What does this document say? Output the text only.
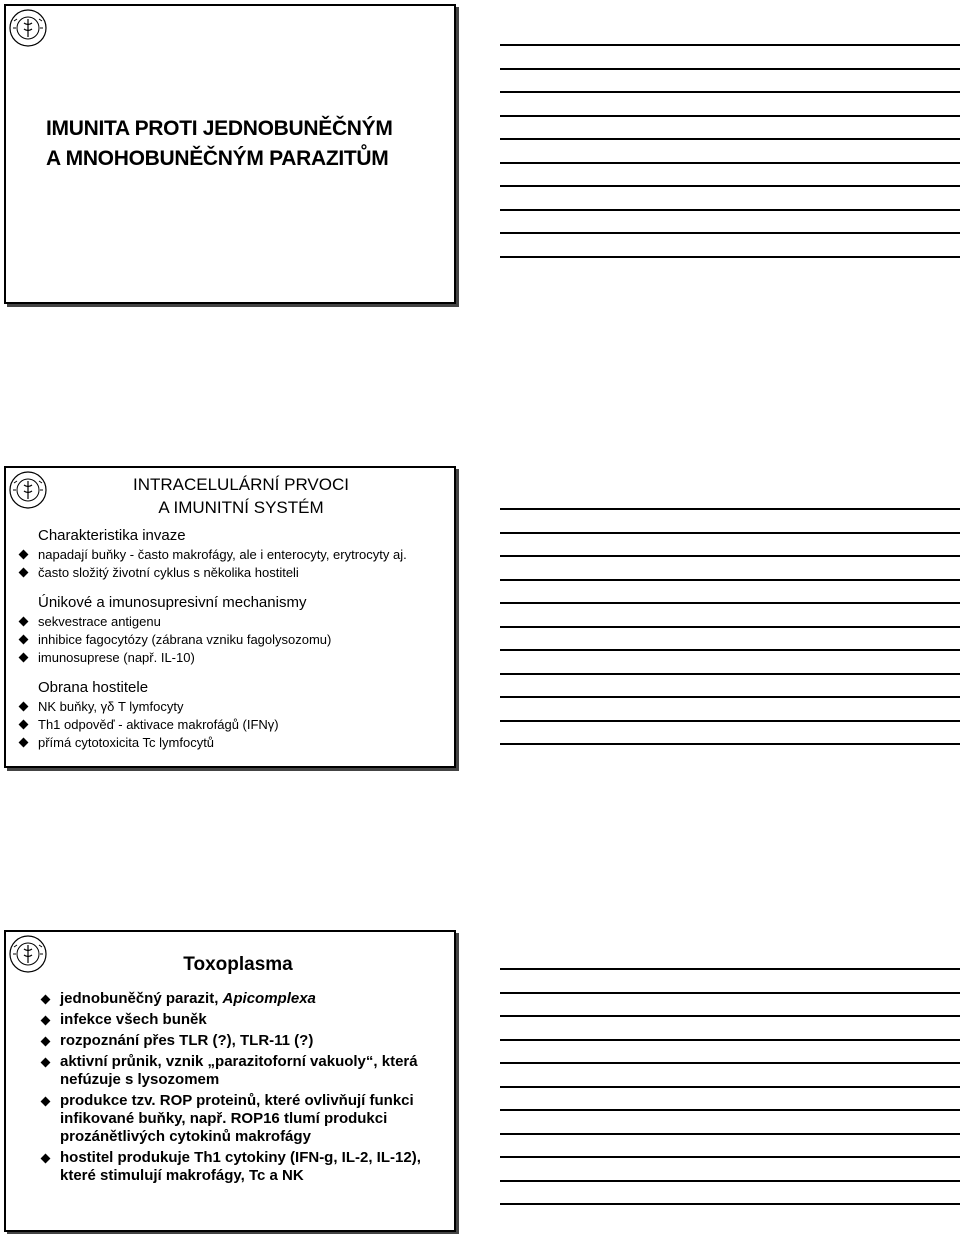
IMUNITA PROTI JEDNOBUNĚČNÝM
A MNOHOBUNĚČNÝM PARAZITŮM
INTRACELULÁRNÍ PRVOCI
A IMUNITNÍ SYSTÉM
Charakteristika invaze
napadají buňky - často makrofágy, ale i enterocyty, erytrocyty aj.
často složitý životní cyklus s několika hostiteli
Únikové a imunosupresivní mechanismy
sekvestrace antigenu
inhibice fagocytózy (zábrana vzniku fagolysozomu)
imunosuprese (např. IL-10)
Obrana hostitele
NK buňky, γδ T lymfocyty
Th1 odpověď - aktivace makrofágů (IFNγ)
přímá cytotoxicita Tc lymfocytů
Toxoplasma
jednobuněčný parazit, Apicomplexa
infekce všech buněk
rozpoznání přes TLR (?), TLR-11 (?)
aktivní průnik, vznik „parazitoforní vakuoly“, která nefúzuje s lysozomem
produkce tzv. ROP proteinů, které ovlivňují funkci infikované buňky, např. ROP16 tlumí produkci prozánětlivých cytokinů makrofágy
hostitel produkuje Th1 cytokiny (IFN-g, IL-2, IL-12), které stimulují makrofágy, Tc a NK
